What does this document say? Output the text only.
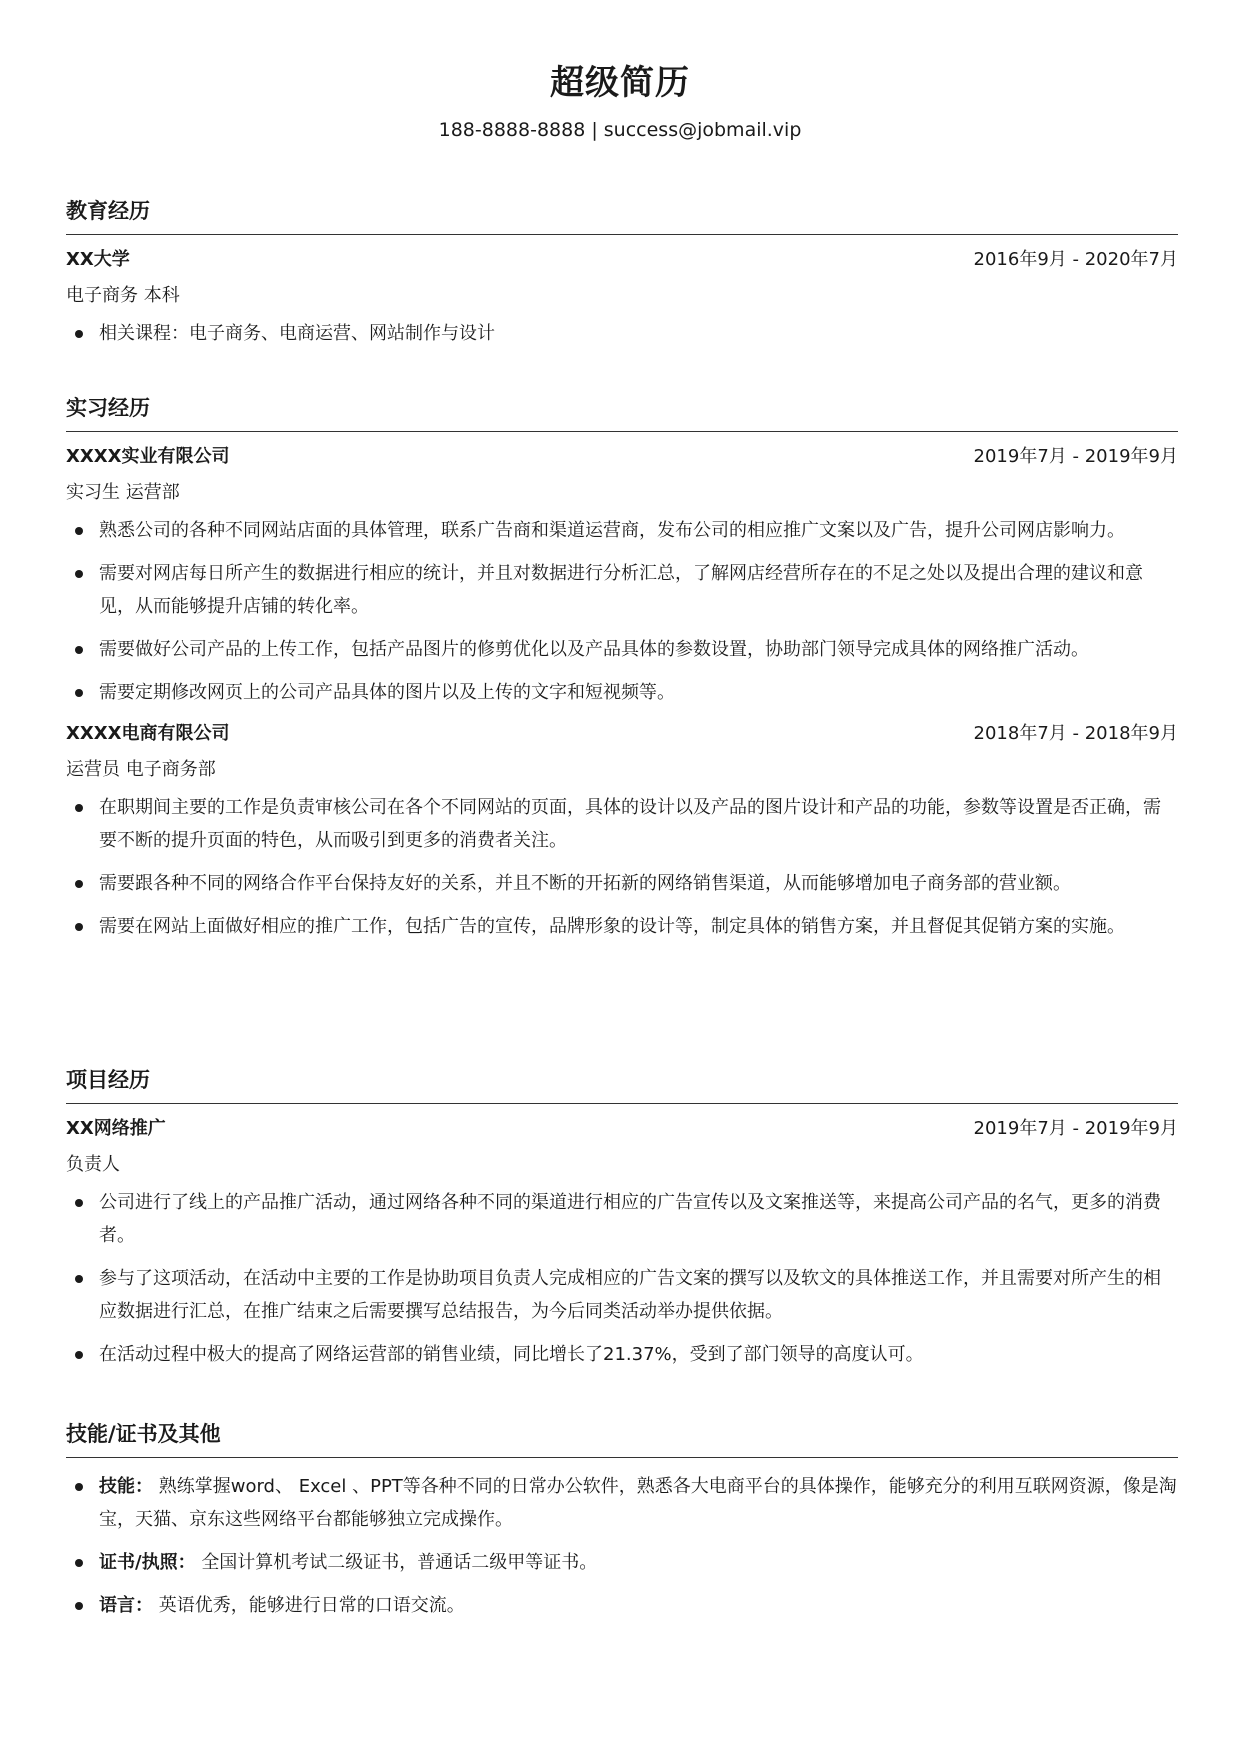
超级简历
188-8888-8888 | success@jobmail.vip
教育经历
XX大学	2016年9月 - 2020年7月
电子商务 本科
相关课程：电子商务、电商运营、网站制作与设计
实习经历
XXXX实业有限公司	2019年7月 - 2019年9月
实习生 运营部
熟悉公司的各种不同网站店面的具体管理，联系广告商和渠道运营商，发布公司的相应推广文案以及广告，提升公司网店影响力。
需要对网店每日所产生的数据进行相应的统计，并且对数据进行分析汇总，了解网店经营所存在的不足之处以及提出合理的建议和意见，从而能够提升店铺的转化率。
需要做好公司产品的上传工作，包括产品图片的修剪优化以及产品具体的参数设置，协助部门领导完成具体的网络推广活动。
需要定期修改网页上的公司产品具体的图片以及上传的文字和短视频等。
XXXX电商有限公司	2018年7月 - 2018年9月
运营员 电子商务部
在职期间主要的工作是负责审核公司在各个不同网站的页面，具体的设计以及产品的图片设计和产品的功能，参数等设置是否正确，需要不断的提升页面的特色，从而吸引到更多的消费者关注。
需要跟各种不同的网络合作平台保持友好的关系，并且不断的开拓新的网络销售渠道，从而能够增加电子商务部的营业额。
需要在网站上面做好相应的推广工作，包括广告的宣传，品牌形象的设计等，制定具体的销售方案，并且督促其促销方案的实施。
项目经历
XX网络推广	2019年7月 - 2019年9月
负责人
公司进行了线上的产品推广活动，通过网络各种不同的渠道进行相应的广告宣传以及文案推送等，来提高公司产品的名气，更多的消费者。
参与了这项活动，在活动中主要的工作是协助项目负责人完成相应的广告文案的撰写以及软文的具体推送工作，并且需要对所产生的相应数据进行汇总，在推广结束之后需要撰写总结报告，为今后同类活动举办提供依据。
在活动过程中极大的提高了网络运营部的销售业绩，同比增长了21.37%，受到了部门领导的高度认可。
技能/证书及其他
技能： 熟练掌握word、 Excel 、PPT等各种不同的日常办公软件，熟悉各大电商平台的具体操作，能够充分的利用互联网资源，像是淘宝，天猫、京东这些网络平台都能够独立完成操作。
证书/执照： 全国计算机考试二级证书，普通话二级甲等证书。
语言： 英语优秀，能够进行日常的口语交流。
